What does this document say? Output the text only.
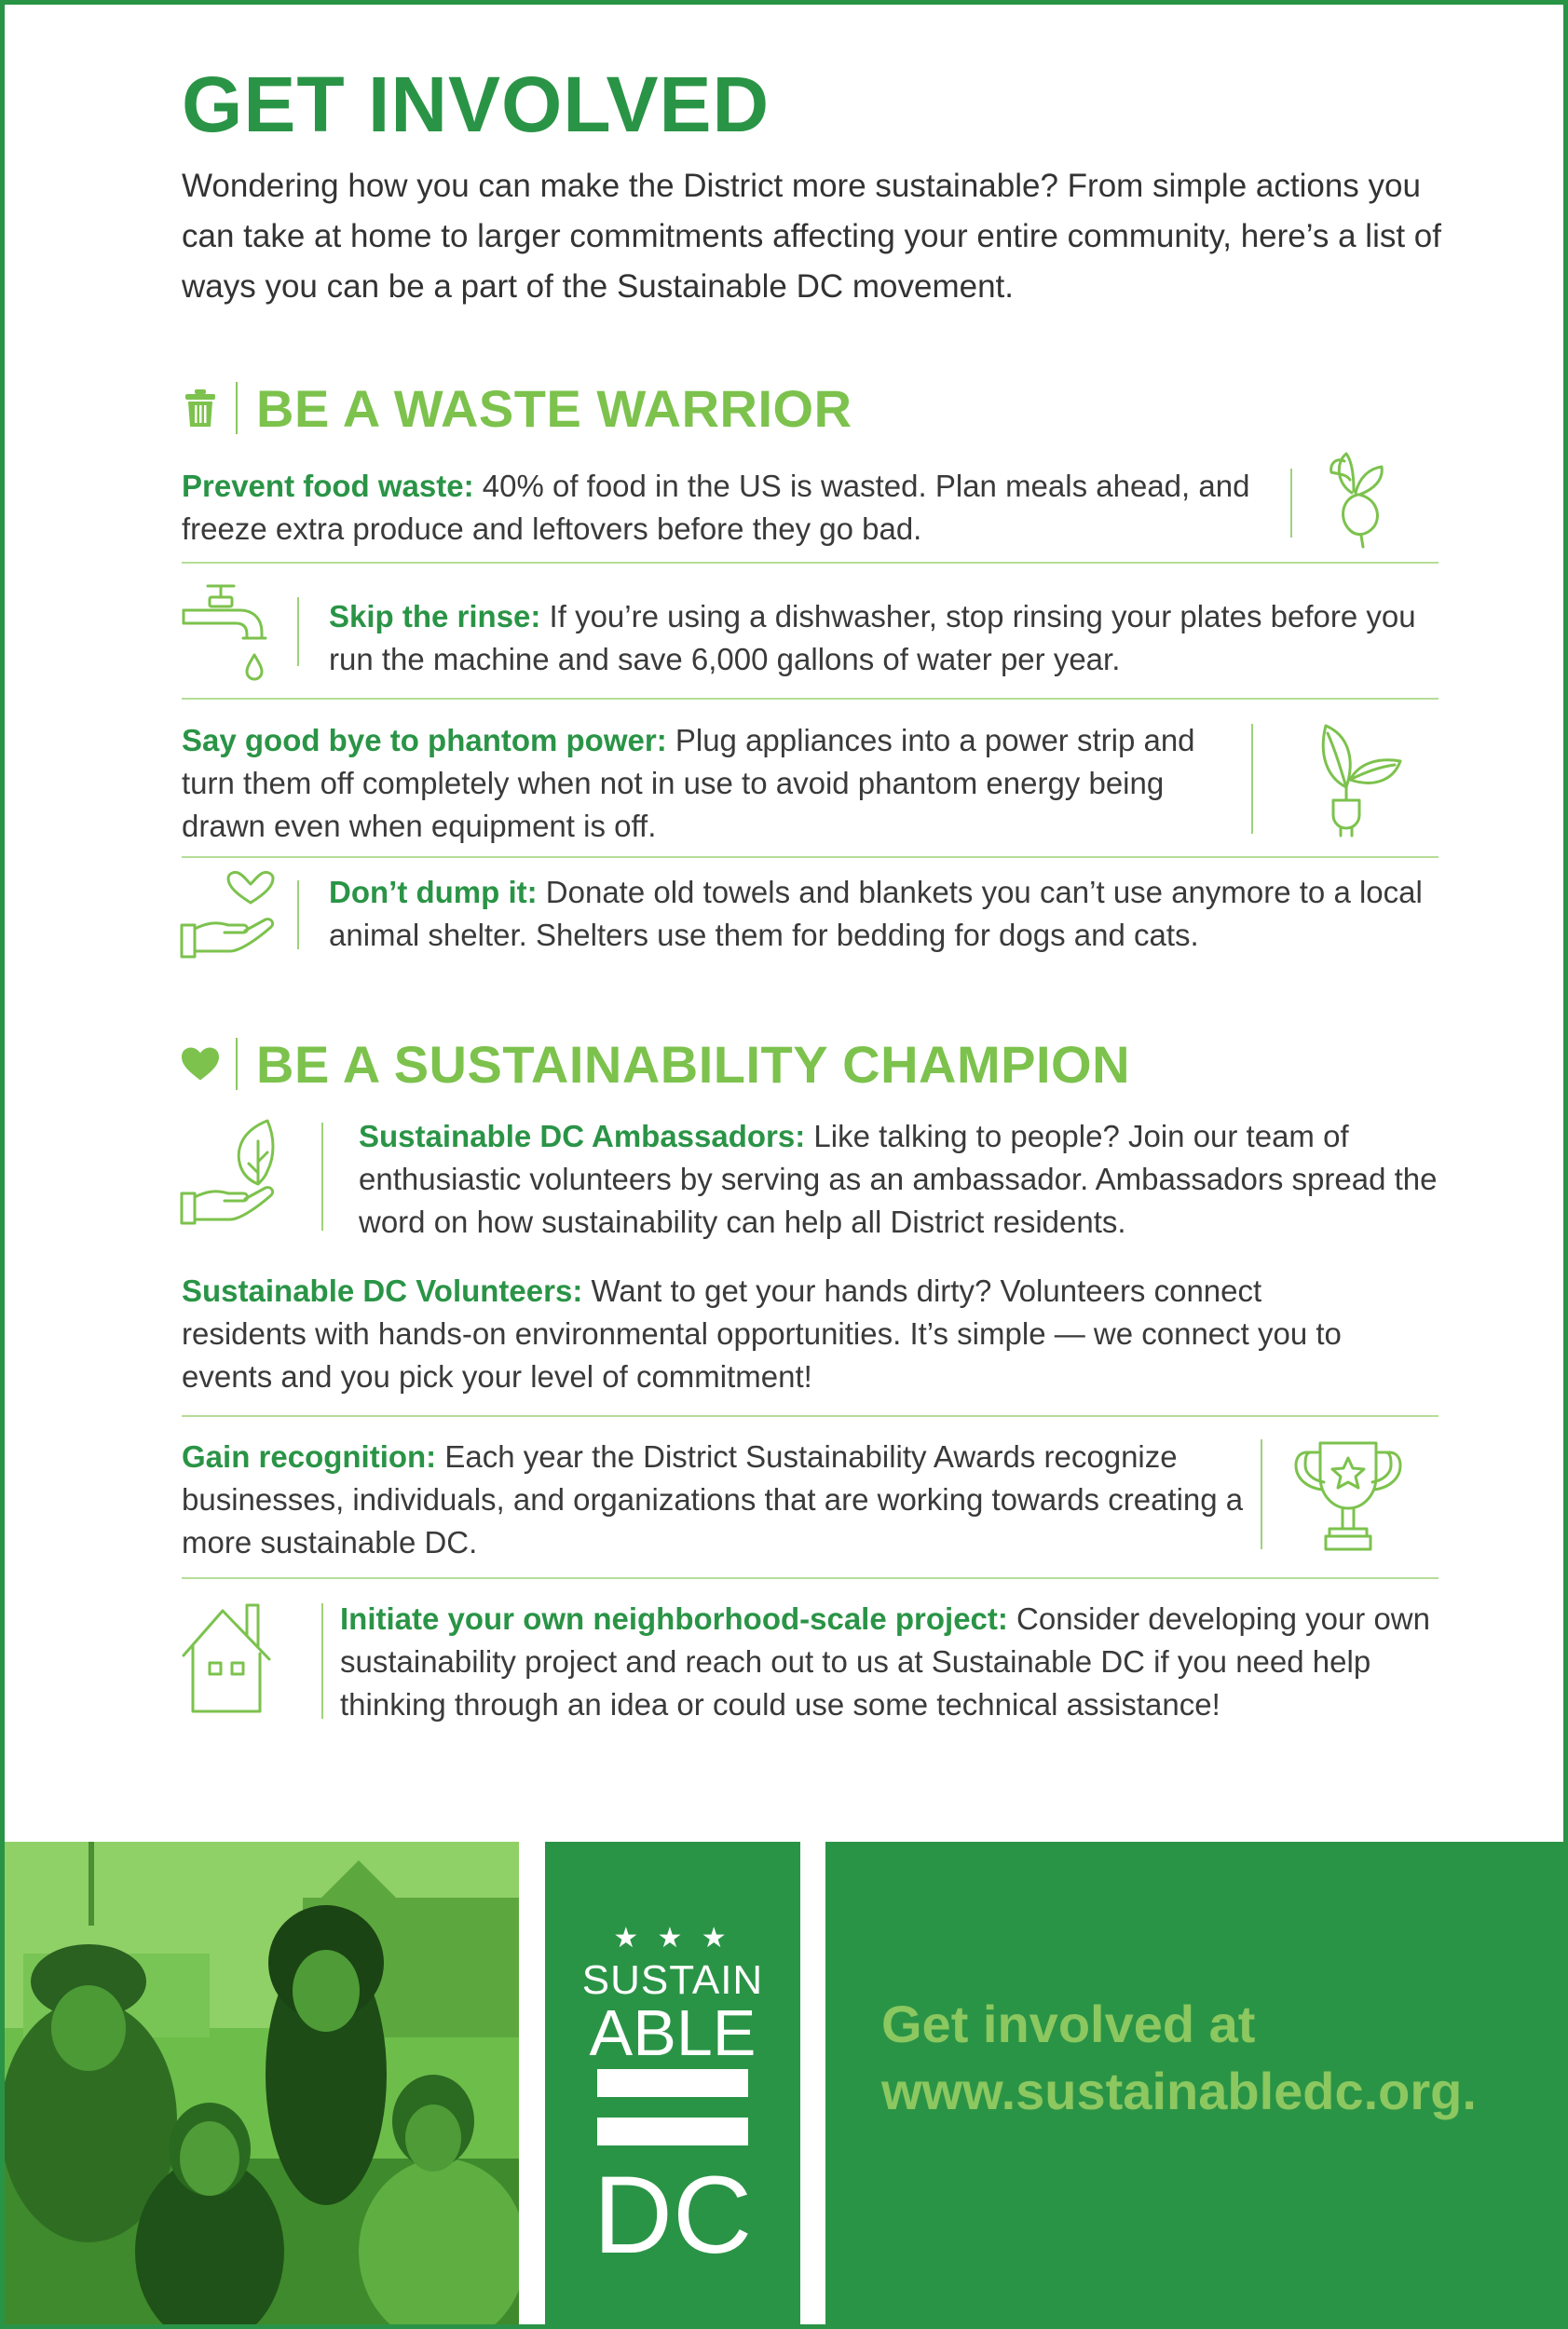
GET INVOLVED

Wondering how you can make the District more sustainable? From simple actions you can take at home to larger commitments affecting your entire community, here’s a list of ways you can be a part of the Sustainable DC movement.

BE A WASTE WARRIOR
Prevent food waste: 40% of food in the US is wasted. Plan meals ahead, and freeze extra produce and leftovers before they go bad.
Skip the rinse: If you’re using a dishwasher, stop rinsing your plates before you run the machine and save 6,000 gallons of water per year.
Say good bye to phantom power: Plug appliances into a power strip and turn them off completely when not in use to avoid phantom energy being drawn even when equipment is off.
Don’t dump it: Donate old towels and blankets you can’t use anymore to a local animal shelter. Shelters use them for bedding for dogs and cats.
BE A SUSTAINABILITY CHAMPION
Sustainable DC Ambassadors: Like talking to people? Join our team of enthusiastic volunteers by serving as an ambassador. Ambassadors spread the word on how sustainability can help all District residents.
Sustainable DC Volunteers: Want to get your hands dirty? Volunteers connect residents with hands-on environmental opportunities. It’s simple — we connect you to events and you pick your level of commitment!
Gain recognition: Each year the District Sustainability Awards recognize businesses, individuals, and organizations that are working towards creating a more sustainable DC.
Initiate your own neighborhood-scale project: Consider developing your own sustainability project and reach out to us at Sustainable DC if you need help thinking through an idea or could use some technical assistance!
★ ★ ★
SUSTAIN
ABLE
DC
Get involved at
www.sustainabledc.org.
